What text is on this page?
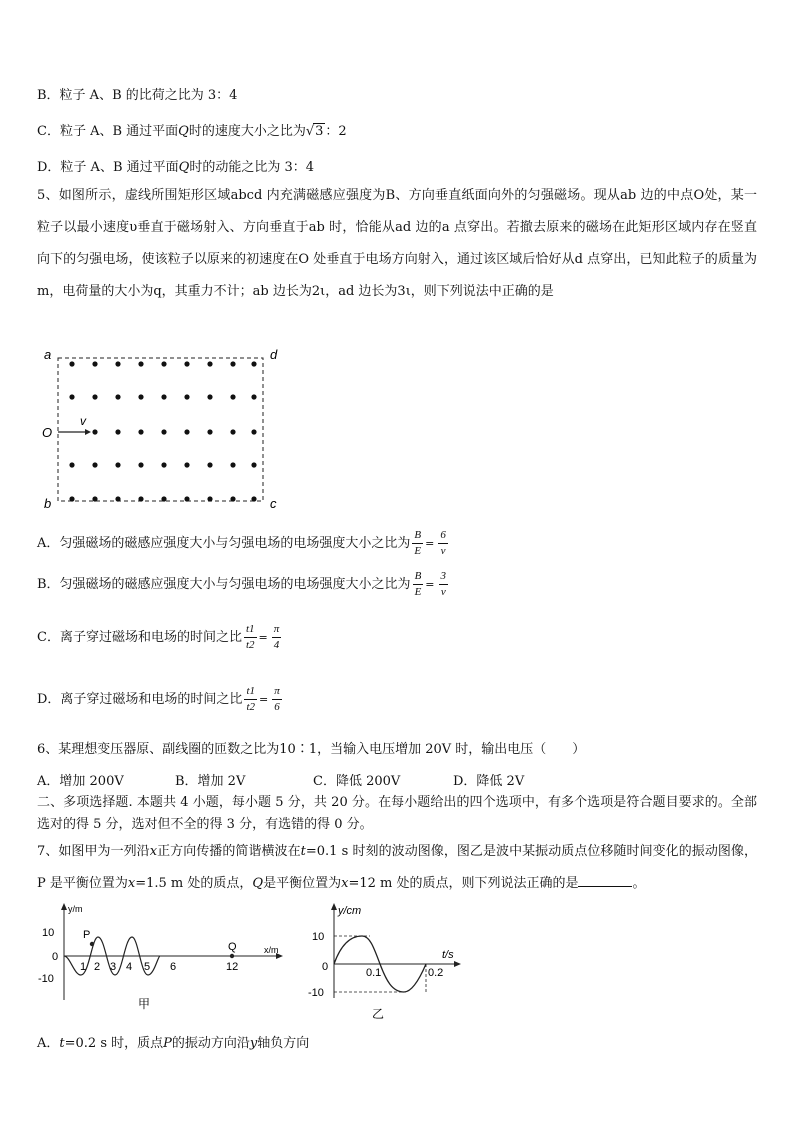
B．粒子 A、B 的比荷之比为 3：4
C．粒子 A、B 通过平面Q时的速度大小之比为√3 ：2
D．粒子 A、B 通过平面Q时的动能之比为 3：4
5、如图所示，虚线所围矩形区域abcd 内充满磁感应强度为B、方向垂直纸面向外的匀强磁场。现从ab 边的中点O处，某一粒子以最小速度υ垂直于磁场射入、方向垂直于ab 时，恰能从ad 边的a 点穿出。若撤去原来的磁场在此矩形区域内存在竖直向下的匀强电场，使该粒子以原来的初速度在O 处垂直于电场方向射入，通过该区域后恰好从d 点穿出，已知此粒子的质量为m，电荷量的大小为q，其重力不计；ab 边长为2ι，ad 边长为3ι，则下列说法中正确的是
a	d
b	c
O
v
A．匀强磁场的磁感应强度大小与匀强电场的电场强度大小之比为 $\frac{B}{E} = \frac{6}{v}$
B．匀强磁场的磁感应强度大小与匀强电场的电场强度大小之比为 $\frac{B}{E} = \frac{3}{v}$
C．离子穿过磁场和电场的时间之比 $\frac{t1}{t2} = \frac{\pi}{4}$
D．离子穿过磁场和电场的时间之比 $\frac{t1}{t2} = \frac{\pi}{6}$
6、某理想变压器原、副线圈的匝数之比为10∶1，当输入电压增加 20V 时，输出电压（　　）
A．增加 200V	B．增加 2V	C．降低 200V	D．降低 2V
二、多项选择题. 本题共 4 小题，每小题 5 分，共 20 分。在每小题给出的四个选项中，有多个选项是符合题目要求的。全部选对的得 5 分，选对但不全的得 3 分，有选错的得 0 分。
7、如图甲为一列沿x正方向传播的简谐横波在t=0.1 s 时刻的波动图像，图乙是波中某振动质点位移随时间变化的振动图像，P 是平衡位置为x=1.5 m 处的质点，Q是平衡位置为x=12 m 处的质点，则下列说法正确的是	。
y/m
x/m
10
0
-10
1 2 3 4 5 6	12
P
Q
甲
y/cm
t/s
10
0
-10
0.1	0.2
乙
A．t=0.2 s 时，质点P的振动方向沿y轴负方向
